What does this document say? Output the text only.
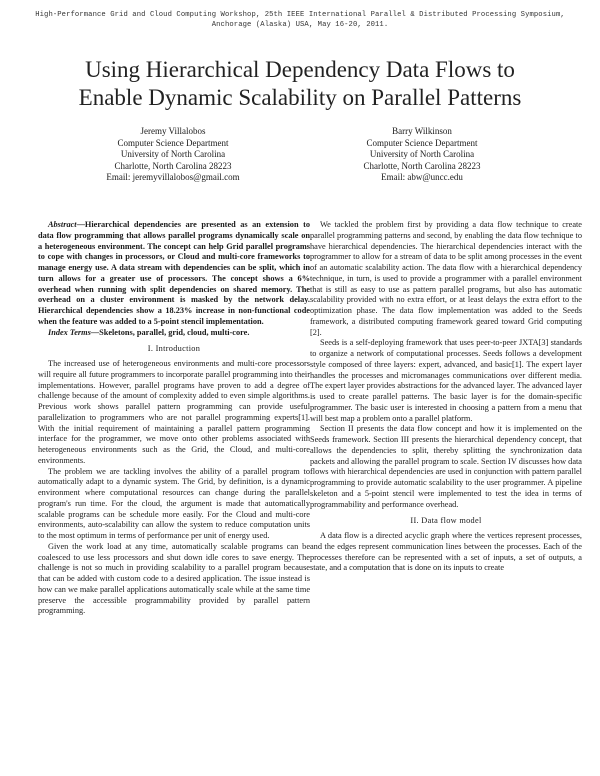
High-Performance Grid and Cloud Computing Workshop, 25th IEEE International Parallel & Distributed Processing Symposium,
Anchorage (Alaska) USA, May 16-20, 2011.
Using Hierarchical Dependency Data Flows to
Enable Dynamic Scalability on Parallel Patterns
Jeremy Villalobos
Computer Science Department
University of North Carolina
Charlotte, North Carolina 28223
Email: jeremyvillalobos@gmail.com
Barry Wilkinson
Computer Science Department
University of North Carolina
Charlotte, North Carolina 28223
Email: abw@uncc.edu

Abstract—Hierarchical dependencies are presented as an extension to data flow programming that allows parallel programs dynamically scale on a heterogeneous environment. The concept can help Grid parallel programs to cope with changes in processors, or Cloud and multi-core frameworks to manage energy use. A data stream with dependencies can be split, which in turn allows for a greater use of processors. The concept shows a 6% overhead when running with split dependencies on shared memory. The overhead on a cluster environment is masked by the network delay. Hierarchical dependencies show a 18.23% increase in non-functional code when the feature was added to a 5-point stencil implementation.

Index Terms—Skeletons, parallel, grid, cloud, multi-core.

I. Introduction

The increased use of heterogeneous environments and multi-core processors will require all future programmers to incorporate parallel programming into their implementations. However, parallel programs have proven to add a degree of challenge because of the amount of complexity added to even simple algorithms. Previous work shows parallel pattern programming can provide useful parallelization to programmers who are not parallel programming experts[1]. With the initial requirement of maintaining a parallel pattern programming interface for the programmer, we move onto other problems associated with heterogeneous environments such as the Grid, the Cloud, and multi-core environments.

The problem we are tackling involves the ability of a parallel program to automatically adapt to a dynamic system. The Grid, by definition, is a dynamic environment where computational resources can change during the parallel program's run time. For the cloud, the argument is made that automatically scalable programs can be schedule more easily. For the Cloud and multi-core environments, auto-scalability can allow the system to reduce computation units to the most optimum in terms of performance per unit of energy used.

Given the work load at any time, automatically scalable programs can be coalesced to use less processors and shut down idle cores to save energy. The challenge is not so much in providing scalability to a parallel program because that can be added with custom code to a desired application. The issue instead is how can we make parallel applications automatically scale while at the same time preserve the accessible programmability provided by parallel pattern programming.

We tackled the problem first by providing a data flow technique to create parallel programming patterns and second, by enabling the data flow technique to have hierarchical dependencies. The hierarchical dependencies interact with the programmer to allow for a stream of data to be split among processes in the event of an automatic scalability action. The data flow with a hierarchical dependency technique, in turn, is used to provide a programmer with a parallel environment that is still as easy to use as pattern parallel programs, but also has automatic scalability provided with no extra effort, or at least delays the extra effort to the optimization phase. The data flow implementation was added to the Seeds framework, a distributed computing framework geared toward Grid computing [2].

Seeds is a self-deploying framework that uses peer-to-peer JXTA[3] standards to organize a network of computational processes. Seeds follows a development style composed of three layers: expert, advanced, and basic[1]. The expert layer handles the processes and micromanages communications over different media. The expert layer provides abstractions for the advanced layer. The advanced layer is used to create parallel patterns. The basic layer is for the domain-specific programmer. The basic user is interested in choosing a pattern from a menu that will best map a problem onto a parallel platform.

Section II presents the data flow concept and how it is implemented on the Seeds framework. Section III presents the hierarchical dependency concept, that allows the dependencies to split, thereby splitting the synchronization data packets and allowing the parallel program to scale. Section IV discusses how data flows with hierarchical dependencies are used in conjunction with pattern parallel programming to provide automatic scalability to the user programmer. A pipeline skeleton and a 5-point stencil were implemented to test the idea in terms of programmability and performance overhead.

II. Data flow model

A data flow is a directed acyclic graph where the vertices represent processes, and the edges represent communication lines between the processes. Each of the processes therefore can be represented with a set of inputs, a set of outputs, a state, and a computation that is done on its inputs to create
